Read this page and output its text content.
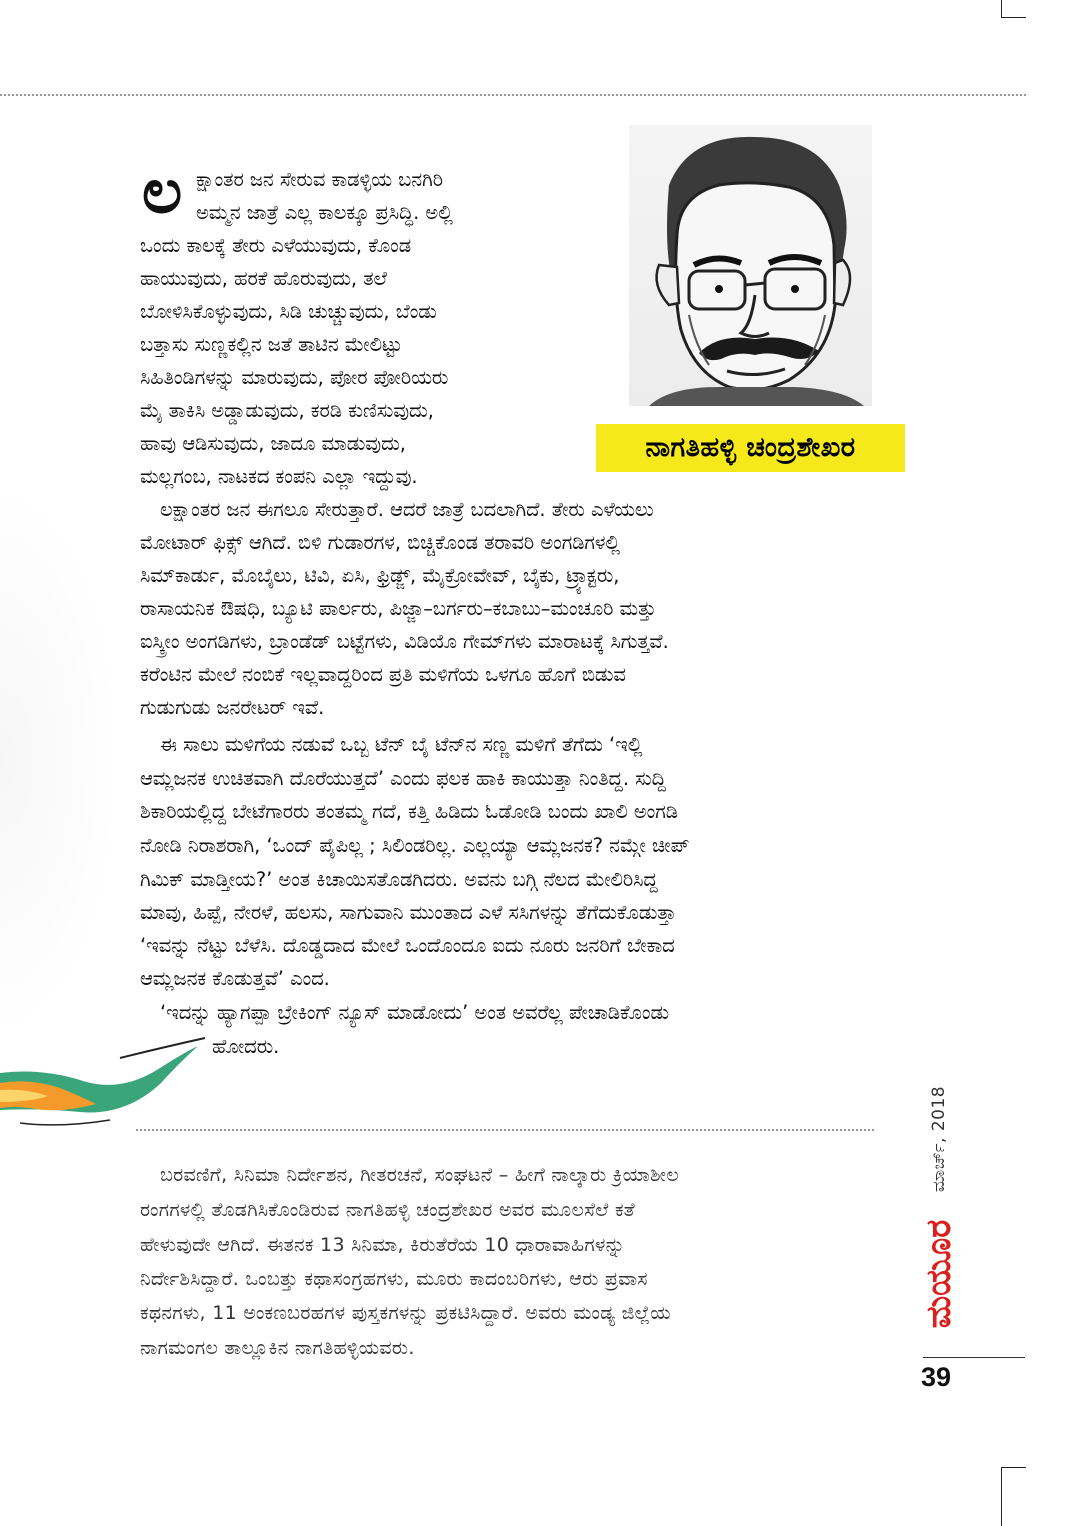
ನಾಗತಿಹಳ್ಳಿ ಚಂದ್ರಶೇಖರ
ಲ ಕ್ಷಾಂತರ ಜನ ಸೇರುವ ಕಾಡಳ್ಳಿಯ ಬನಗಿರಿ
ಅಮ್ಮನ ಜಾತ್ರೆ ಎಲ್ಲ ಕಾಲಕ್ಕೂ ಪ್ರಸಿದ್ಧಿ. ಅಲ್ಲಿ
ಒಂದು ಕಾಲಕ್ಕೆ ತೇರು ಎಳೆಯುವುದು, ಕೊಂಡ
ಹಾಯುವುದು, ಹರಕೆ ಹೊರುವುದು, ತಲೆ
ಬೋಳಿಸಿಕೊಳ್ಳುವುದು, ಸಿಡಿ ಚುಚ್ಚುವುದು, ಬೆಂಡು
ಬತ್ತಾಸು ಸುಣ್ಣಕಲ್ಲಿನ ಜತೆ ತಾಟಿನ ಮೇಲಿಟ್ಟು
ಸಿಹಿತಿಂಡಿಗಳನ್ನು ಮಾರುವುದು, ಪೋರ ಪೋರಿಯರು
ಮೈ ತಾಕಿಸಿ ಅಡ್ಡಾಡುವುದು, ಕರಡಿ ಕುಣಿಸುವುದು,
ಹಾವು ಆಡಿಸುವುದು, ಜಾದೂ ಮಾಡುವುದು,
ಮಲ್ಲಗಂಬ, ನಾಟಕದ ಕಂಪನಿ ಎಲ್ಲಾ ಇದ್ದುವು.
ಲಕ್ಷಾಂತರ ಜನ ಈಗಲೂ ಸೇರುತ್ತಾರೆ. ಆದರೆ ಜಾತ್ರೆ ಬದಲಾಗಿದೆ. ತೇರು ಎಳೆಯಲು
ಮೋಟಾರ್ ಫಿಕ್ಸ್ ಆಗಿದೆ. ಬಿಳಿ ಗುಡಾರಗಳ, ಬಿಚ್ಚಿಕೊಂಡ ತರಾವರಿ ಅಂಗಡಿಗಳಲ್ಲಿ
ಸಿಮ್‌ಕಾರ್ಡು, ಮೊಬೈಲು, ಟಿವಿ, ಏಸಿ, ಫ್ರಿಡ್ಜ್, ಮೈಕ್ರೋವೇವ್, ಬೈಕು, ಟ್ರ್ಯಾಕ್ಟರು,
ರಾಸಾಯನಿಕ ಔಷಧಿ, ಬ್ಯೂಟಿ ಪಾರ್ಲರು, ಪಿಜ್ಜಾ–ಬರ್ಗರು–ಕಬಾಬು–ಮಂಚೂರಿ ಮತ್ತು
ಐಸ್ಕ್ರೀಂ ಅಂಗಡಿಗಳು, ಬ್ರಾಂಡೆಡ್ ಬಟ್ಟೆಗಳು, ವಿಡಿಯೊ ಗೇಮ್‌ಗಳು ಮಾರಾಟಕ್ಕೆ ಸಿಗುತ್ತವೆ.
ಕರೆಂಟಿನ ಮೇಲೆ ನಂಬಿಕೆ ಇಲ್ಲವಾದ್ದರಿಂದ ಪ್ರತಿ ಮಳಿಗೆಯ ಒಳಗೂ ಹೊಗೆ ಬಿಡುವ
ಗುಡುಗುಡು ಜನರೇಟರ್ ಇವೆ.
ಈ ಸಾಲು ಮಳಿಗೆಯ ನಡುವೆ ಒಬ್ಬ ಟೆನ್ ಬೈ ಟೆನ್‌ನ ಸಣ್ಣ ಮಳಿಗೆ ತೆಗೆದು ‘ಇಲ್ಲಿ
ಆಮ್ಲಜನಕ ಉಚಿತವಾಗಿ ದೊರೆಯುತ್ತದೆ’ ಎಂದು ಫಲಕ ಹಾಕಿ ಕಾಯುತ್ತಾ ನಿಂತಿದ್ದ. ಸುದ್ದಿ
ಶಿಕಾರಿಯಲ್ಲಿದ್ದ ಬೇಟೆಗಾರರು ತಂತಮ್ಮ ಗದೆ, ಕತ್ತಿ ಹಿಡಿದು ಓಡೋಡಿ ಬಂದು ಖಾಲಿ ಅಂಗಡಿ
ನೋಡಿ ನಿರಾಶರಾಗಿ, ‘ಒಂದ್ ಪೈಪಿಲ್ಲ ; ಸಿಲಿಂಡರಿಲ್ಲ. ಎಲ್ಲಯ್ಯಾ ಆಮ್ಲಜನಕ? ನಮ್ಗೇ ಚೀಪ್
ಗಿಮಿಕ್ ಮಾಡ್ತೀಯ?’ ಅಂತ ಕಿಚಾಯಿಸತೊಡಗಿದರು. ಅವನು ಬಗ್ಗಿ ನೆಲದ ಮೇಲಿರಿಸಿದ್ದ
ಮಾವು, ಹಿಪ್ಪೆ, ನೇರಳೆ, ಹಲಸು, ಸಾಗುವಾನಿ ಮುಂತಾದ ಎಳೆ ಸಸಿಗಳನ್ನು ತೆಗೆದುಕೊಡುತ್ತಾ
‘ಇವನ್ನು ನೆಟ್ಟು ಬೆಳೆಸಿ. ದೊಡ್ಡದಾದ ಮೇಲೆ ಒಂದೊಂದೂ ಐದು ನೂರು ಜನರಿಗೆ ಬೇಕಾದ
ಆಮ್ಲಜನಕ ಕೊಡುತ್ತವೆ’ ಎಂದ.
‘ಇದನ್ನು ಹ್ಯಾಗಪ್ಪಾ ಬ್ರೇಕಿಂಗ್ ನ್ಯೂಸ್ ಮಾಡೋದು’ ಅಂತ ಅವರೆಲ್ಲ ಪೇಚಾಡಿಕೊಂಡು
ಹೋದರು.
ಬರವಣಿಗೆ, ಸಿನಿಮಾ ನಿರ್ದೇಶನ, ಗೀತರಚನೆ, ಸಂಘಟನೆ – ಹೀಗೆ ನಾಲ್ಕಾರು ಕ್ರಿಯಾಶೀಲ
ರಂಗಗಳಲ್ಲಿ ತೊಡಗಿಸಿಕೊಂಡಿರುವ ನಾಗತಿಹಳ್ಳಿ ಚಂದ್ರಶೇಖರ ಅವರ ಮೂಲಸೆಲೆ ಕತೆ
ಹೇಳುವುದೇ ಆಗಿದೆ. ಈತನಕ 13 ಸಿನಿಮಾ, ಕಿರುತೆರೆಯ 10 ಧಾರಾವಾಹಿಗಳನ್ನು
ನಿರ್ದೇಶಿಸಿದ್ದಾರೆ. ಒಂಬತ್ತು ಕಥಾಸಂಗ್ರಹಗಳು, ಮೂರು ಕಾದಂಬರಿಗಳು, ಆರು ಪ್ರವಾಸ
ಕಥನಗಳು, 11 ಅಂಕಣಬರಹಗಳ ಪುಸ್ತಕಗಳನ್ನು ಪ್ರಕಟಿಸಿದ್ದಾರೆ. ಅವರು ಮಂಡ್ಯ ಜಿಲ್ಲೆಯ
ನಾಗಮಂಗಲ ತಾಲ್ಲೂಕಿನ ನಾಗತಿಹಳ್ಳಿಯವರು.
ಮಾರ್ಚ್, 2018
ಮಯೂರ
39
